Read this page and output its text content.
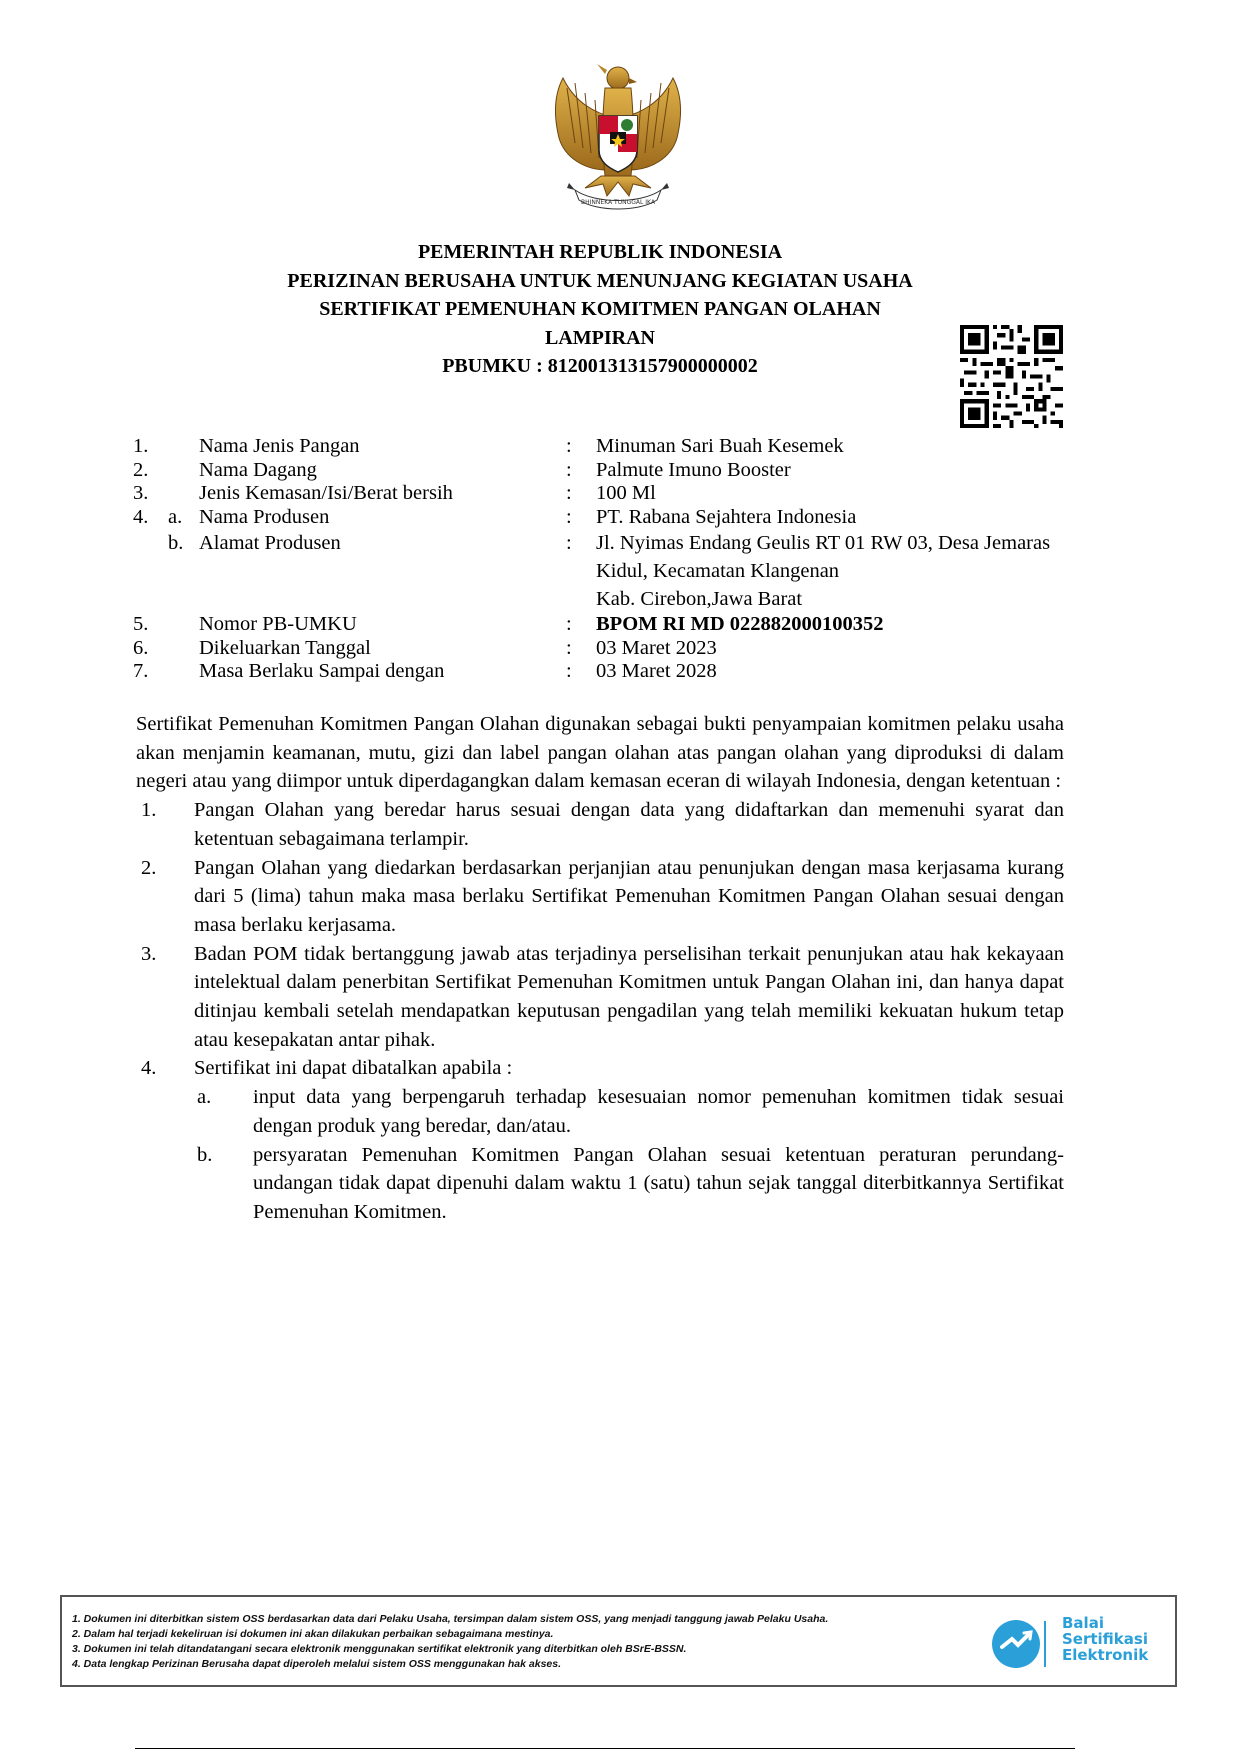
BHINNEKA TUNGGAL IKA
PEMERINTAH REPUBLIK INDONESIA
PERIZINAN BERUSAHA UNTUK MENUNJANG KEGIATAN USAHA
SERTIFIKAT PEMENUHAN KOMITMEN PANGAN OLAHAN
LAMPIRAN
PBUMKU : 812001313157900000002
1. Nama Jenis Pangan	: Minuman Sari Buah Kesemek
2. Nama Dagang	: Palmute Imuno Booster
3. Jenis Kemasan/Isi/Berat bersih	: 100 Ml
4. a. Nama Produsen	: PT. Rabana Sejahtera Indonesia
b. Alamat Produsen	: Jl. Nyimas Endang Geulis RT 01 RW 03, Desa Jemaras
Kidul, Kecamatan Klangenan
Kab. Cirebon,Jawa Barat
5. Nomor PB-UMKU	: BPOM RI MD 022882000100352
6. Dikeluarkan Tanggal	: 03 Maret 2023
7. Masa Berlaku Sampai dengan	: 03 Maret 2028

Sertifikat Pemenuhan Komitmen Pangan Olahan digunakan sebagai bukti penyampaian komitmen pelaku usaha akan menjamin keamanan, mutu, gizi dan label pangan olahan atas pangan olahan yang diproduksi di dalam negeri atau yang diimpor untuk diperdagangkan dalam kemasan eceran di wilayah Indonesia, dengan ketentuan :

1.	Pangan Olahan yang beredar harus sesuai dengan data yang didaftarkan dan memenuhi syarat dan ketentuan sebagaimana terlampir.
2.	Pangan Olahan yang diedarkan berdasarkan perjanjian atau penunjukan dengan masa kerjasama kurang dari 5 (lima) tahun maka masa berlaku Sertifikat Pemenuhan Komitmen Pangan Olahan sesuai dengan masa berlaku kerjasama.
3.	Badan POM tidak bertanggung jawab atas terjadinya perselisihan terkait penunjukan atau hak kekayaan intelektual dalam penerbitan Sertifikat Pemenuhan Komitmen untuk Pangan Olahan ini, dan hanya dapat ditinjau kembali setelah mendapatkan keputusan pengadilan yang telah memiliki kekuatan hukum tetap atau kesepakatan antar pihak.
4.	Sertifikat ini dapat dibatalkan apabila :
a.	input data yang berpengaruh terhadap kesesuaian nomor pemenuhan komitmen tidak sesuai dengan produk yang beredar, dan/atau.
b.	persyaratan Pemenuhan Komitmen Pangan Olahan sesuai ketentuan peraturan perundang-undangan tidak dapat dipenuhi dalam waktu 1 (satu) tahun sejak tanggal diterbitkannya Sertifikat Pemenuhan Komitmen.
1. Dokumen ini diterbitkan sistem OSS berdasarkan data dari Pelaku Usaha, tersimpan dalam sistem OSS, yang menjadi tanggung jawab Pelaku Usaha.
2. Dalam hal terjadi kekeliruan isi dokumen ini akan dilakukan perbaikan sebagaimana mestinya.
3. Dokumen ini telah ditandatangani secara elektronik menggunakan sertifikat elektronik yang diterbitkan oleh BSrE-BSSN.
4. Data lengkap Perizinan Berusaha dapat diperoleh melalui sistem OSS menggunakan hak akses.
Balai
Sertifikasi
Elektronik
